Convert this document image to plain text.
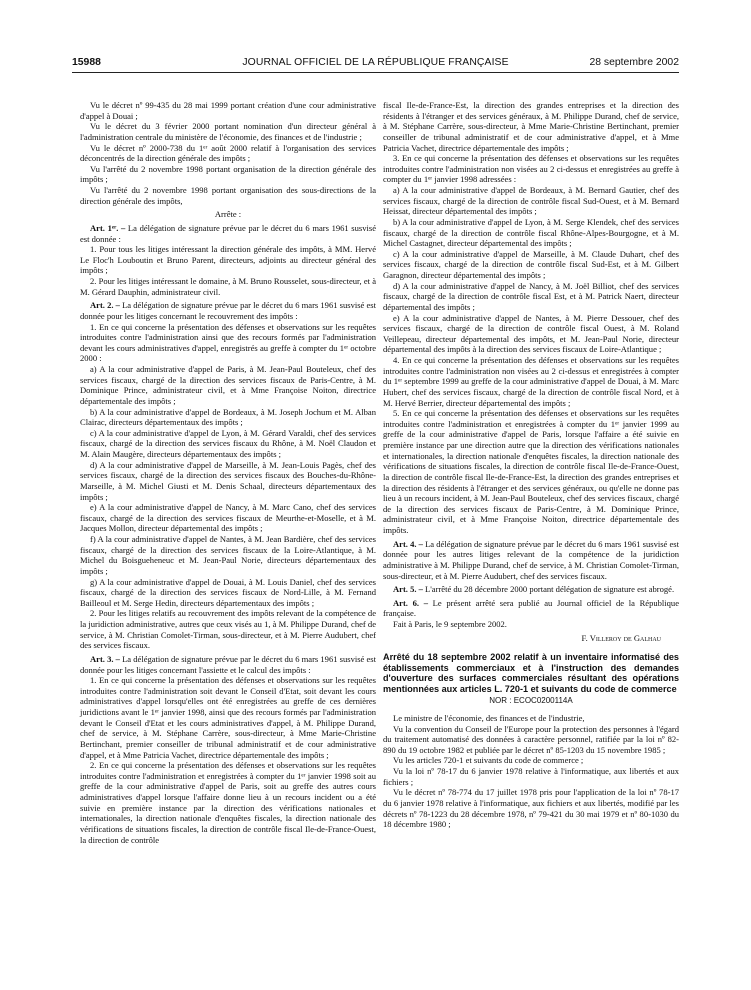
15988	JOURNAL OFFICIEL DE LA RÉPUBLIQUE FRANÇAISE	28 septembre 2002

Vu le décret nº 99-435 du 28 mai 1999 portant création d'une cour administrative d'appel à Douai ;

Vu le décret du 3 février 2000 portant nomination d'un directeur général à l'administration centrale du ministère de l'économie, des finances et de l'industrie ;

Vu le décret nº 2000-738 du 1ᵉʳ août 2000 relatif à l'organisation des services déconcentrés de la direction générale des impôts ;

Vu l'arrêté du 2 novembre 1998 portant organisation de la direction générale des impôts ;

Vu l'arrêté du 2 novembre 1998 portant organisation des sous-directions de la direction générale des impôts,

Arrête :

Art. 1ᵉʳ. – La délégation de signature prévue par le décret du 6 mars 1961 susvisé est donnée :

1. Pour tous les litiges intéressant la direction générale des impôts, à MM. Hervé Le Floc'h Louboutin et Bruno Parent, directeurs, adjoints au directeur général des impôts ;

2. Pour les litiges intéressant le domaine, à M. Bruno Rousselet, sous-directeur, et à M. Gérard Dauphin, administrateur civil.

Art. 2. – La délégation de signature prévue par le décret du 6 mars 1961 susvisé est donnée pour les litiges concernant le recouvrement des impôts :

1. En ce qui concerne la présentation des défenses et observations sur les requêtes introduites contre l'administration ainsi que des recours formés par l'administration devant les cours administratives d'appel, enregistrés au greffe à compter du 1ᵉʳ octobre 2000 :

a) A la cour administrative d'appel de Paris, à M. Jean-Paul Bouteleux, chef des services fiscaux, chargé de la direction des services fiscaux de Paris-Centre, à M. Dominique Prince, administrateur civil, et à Mme Françoise Noiton, directrice départementale des impôts ;

b) A la cour administrative d'appel de Bordeaux, à M. Joseph Jochum et M. Alban Clairac, directeurs départementaux des impôts ;

c) A la cour administrative d'appel de Lyon, à M. Gérard Varaldi, chef des services fiscaux, chargé de la direction des services fiscaux du Rhône, à M. Noël Claudon et M. Alain Maugère, directeurs départementaux des impôts ;

d) A la cour administrative d'appel de Marseille, à M. Jean-Louis Pagès, chef des services fiscaux, chargé de la direction des services fiscaux des Bouches-du-Rhône-Marseille, à M. Michel Giusti et M. Denis Schaal, directeurs départementaux des impôts ;

e) A la cour administrative d'appel de Nancy, à M. Marc Cano, chef des services fiscaux, chargé de la direction des services fiscaux de Meurthe-et-Moselle, et à M. Jacques Mollon, directeur départemental des impôts ;

f) A la cour administrative d'appel de Nantes, à M. Jean Bardière, chef des services fiscaux, chargé de la direction des services fiscaux de la Loire-Atlantique, à M. Michel du Boisgueheneuc et M. Jean-Paul Norie, directeurs départementaux des impôts ;

g) A la cour administrative d'appel de Douai, à M. Louis Daniel, chef des services fiscaux, chargé de la direction des services fiscaux de Nord-Lille, à M. Fernand Bailleoul et M. Serge Hedin, directeurs départementaux des impôts ;

2. Pour les litiges relatifs au recouvrement des impôts relevant de la compétence de la juridiction administrative, autres que ceux visés au 1, à M. Philippe Durand, chef de service, à M. Christian Comolet-Tirman, sous-directeur, et à M. Pierre Audubert, chef des services fiscaux.

Art. 3. – La délégation de signature prévue par le décret du 6 mars 1961 susvisé est donnée pour les litiges concernant l'assiette et le calcul des impôts :

1. En ce qui concerne la présentation des défenses et observations sur les requêtes introduites contre l'administration soit devant le Conseil d'Etat, soit devant les cours administratives d'appel lorsqu'elles ont été enregistrées au greffe de ces dernières juridictions avant le 1ᵉʳ janvier 1998, ainsi que des recours formés par l'administration devant le Conseil d'Etat et les cours administratives d'appel, à M. Philippe Durand, chef de service, à M. Stéphane Carrère, sous-directeur, à Mme Marie-Christine Bertinchant, premier conseiller de tribunal administratif et de cour administrative d'appel, et à Mme Patricia Vachet, directrice départementale des impôts ;

2. En ce qui concerne la présentation des défenses et observations sur les requêtes introduites contre l'administration et enregistrées à compter du 1ᵉʳ janvier 1998 soit au greffe de la cour administrative d'appel de Paris, soit au greffe des autres cours administratives d'appel lorsque l'affaire donne lieu à un recours incident ou a été suivie en première instance par la direction des vérifications nationales et internationales, la direction nationale d'enquêtes fiscales, la direction nationale des vérifications de situations fiscales, la direction de contrôle fiscal Ile-de-France-Ouest, la direction de contrôle

fiscal Ile-de-France-Est, la direction des grandes entreprises et la direction des résidents à l'étranger et des services généraux, à M. Philippe Durand, chef de service, à M. Stéphane Carrère, sous-directeur, à Mme Marie-Christine Bertinchant, premier conseiller de tribunal administratif et de cour administrative d'appel, et à Mme Patricia Vachet, directrice départementale des impôts ;

3. En ce qui concerne la présentation des défenses et observations sur les requêtes introduites contre l'administration non visées au 2 ci-dessus et enregistrées au greffe à compter du 1ᵉʳ janvier 1998 adressées :

a) A la cour administrative d'appel de Bordeaux, à M. Bernard Gautier, chef des services fiscaux, chargé de la direction de contrôle fiscal Sud-Ouest, et à M. Bernard Heissat, directeur départemental des impôts ;

b) A la cour administrative d'appel de Lyon, à M. Serge Klendek, chef des services fiscaux, chargé de la direction de contrôle fiscal Rhône-Alpes-Bourgogne, et à M. Michel Castagnet, directeur départemental des impôts ;

c) A la cour administrative d'appel de Marseille, à M. Claude Duhart, chef des services fiscaux, chargé de la direction de contrôle fiscal Sud-Est, et à M. Gilbert Garagnon, directeur départemental des impôts ;

d) A la cour administrative d'appel de Nancy, à M. Joël Billiot, chef des services fiscaux, chargé de la direction de contrôle fiscal Est, et à M. Patrick Naert, directeur départemental des impôts ;

e) A la cour administrative d'appel de Nantes, à M. Pierre Dessouer, chef des services fiscaux, chargé de la direction de contrôle fiscal Ouest, à M. Roland Veillepeau, directeur départemental des impôts, et M. Jean-Paul Norie, directeur départemental des impôts à la direction des services fiscaux de Loire-Atlantique ;

4. En ce qui concerne la présentation des défenses et observations sur les requêtes introduites contre l'administration non visées au 2 ci-dessus et enregistrées à compter du 1ᵉʳ septembre 1999 au greffe de la cour administrative d'appel de Douai, à M. Marc Hubert, chef des services fiscaux, chargé de la direction de contrôle fiscal Nord, et à M. Hervé Berrier, directeur départemental des impôts ;

5. En ce qui concerne la présentation des défenses et observations sur les requêtes introduites contre l'administration et enregistrées à compter du 1ᵉʳ janvier 1999 au greffe de la cour administrative d'appel de Paris, lorsque l'affaire a été suivie en première instance par une direction autre que la direction des vérifications nationales et internationales, la direction nationale d'enquêtes fiscales, la direction nationale des vérifications de situations fiscales, la direction de contrôle fiscal Ile-de-France-Ouest, la direction de contrôle fiscal Ile-de-France-Est, la direction des grandes entreprises et la direction des résidents à l'étranger et des services généraux, ou qu'elle ne donne pas lieu à un recours incident, à M. Jean-Paul Bouteleux, chef des services fiscaux, chargé de la direction des services fiscaux de Paris-Centre, à M. Dominique Prince, administrateur civil, et à Mme Françoise Noiton, directrice départementale des impôts.

Art. 4. – La délégation de signature prévue par le décret du 6 mars 1961 susvisé est donnée pour les autres litiges relevant de la compétence de la juridiction administrative à M. Philippe Durand, chef de service, à M. Christian Comolet-Tirman, sous-directeur, et à M. Pierre Audubert, chef des services fiscaux.

Art. 5. – L'arrêté du 28 décembre 2000 portant délégation de signature est abrogé.

Art. 6. – Le présent arrêté sera publié au Journal officiel de la République française.

Fait à Paris, le 9 septembre 2002.

F. Villeroy de Galhau

Arrêté du 18 septembre 2002 relatif à un inventaire informatisé des établissements commerciaux et à l'instruction des demandes d'ouverture des surfaces commerciales résultant des opérations mentionnées aux articles L. 720-1 et suivants du code de commerce

NOR : ECOC0200114A

Le ministre de l'économie, des finances et de l'industrie,

Vu la convention du Conseil de l'Europe pour la protection des personnes à l'égard du traitement automatisé des données à caractère personnel, ratifiée par la loi nº 82-890 du 19 octobre 1982 et publiée par le décret nº 85-1203 du 15 novembre 1985 ;

Vu les articles 720-1 et suivants du code de commerce ;

Vu la loi nº 78-17 du 6 janvier 1978 relative à l'informatique, aux libertés et aux fichiers ;

Vu le décret nº 78-774 du 17 juillet 1978 pris pour l'application de la loi nº 78-17 du 6 janvier 1978 relative à l'informatique, aux fichiers et aux libertés, modifié par les décrets nº 78-1223 du 28 décembre 1978, nº 79-421 du 30 mai 1979 et nº 80-1030 du 18 décembre 1980 ;
